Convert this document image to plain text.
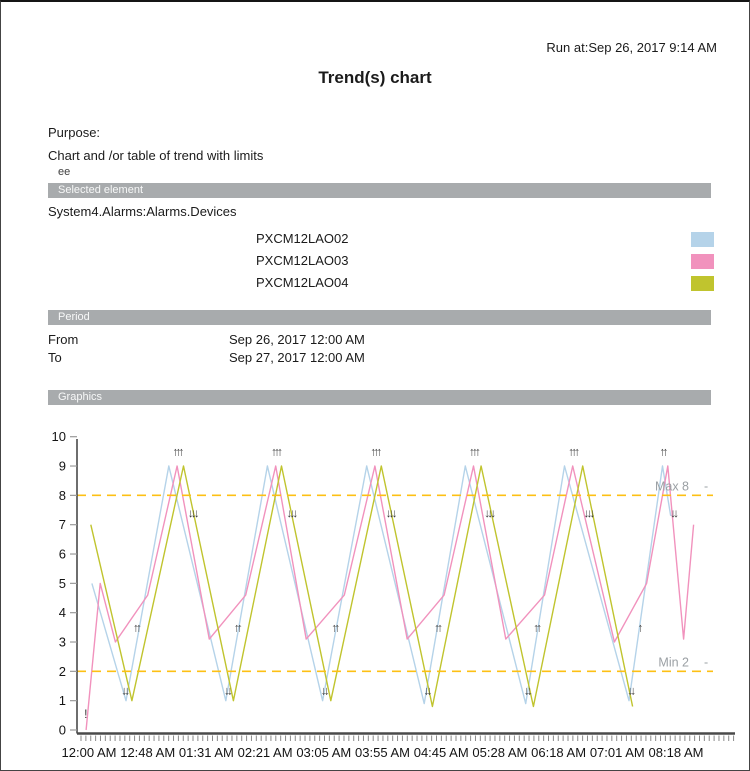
Run at:Sep 26, 2017 9:14 AM
Trend(s) chart
Purpose:
Chart and /or table of trend with limits
ee
Selected element
System4.Alarms:Alarms.Devices
PXCM12LAO02
PXCM12LAO03
PXCM12LAO04
Period
From	Sep 26, 2017 12:00 AM
To	Sep 27, 2017 12:00 AM
Graphics
Max 8 -
Min 2 -
0
1
2
3
4
5
6
7
8
9
10
12:00 AM 12:48 AM 01:31 AM 02:21 AM 03:05 AM 03:55 AM 04:45 AM 05:28 AM 06:18 AM 07:01 AM 08:18 AM
!
↓↓
↑↑
↑↑↑
↓↓↓
↓↓
↑↑
↑↑↑
↓↓↓
↓↓
↑↑
↑↑↑
↓↓↓
↓↓
↑↑
↑↑↑
↓↓↓
↓↓
↑↑
↑↑↑
↓↓↓
↓↓
↑
↑↑
↓↓
